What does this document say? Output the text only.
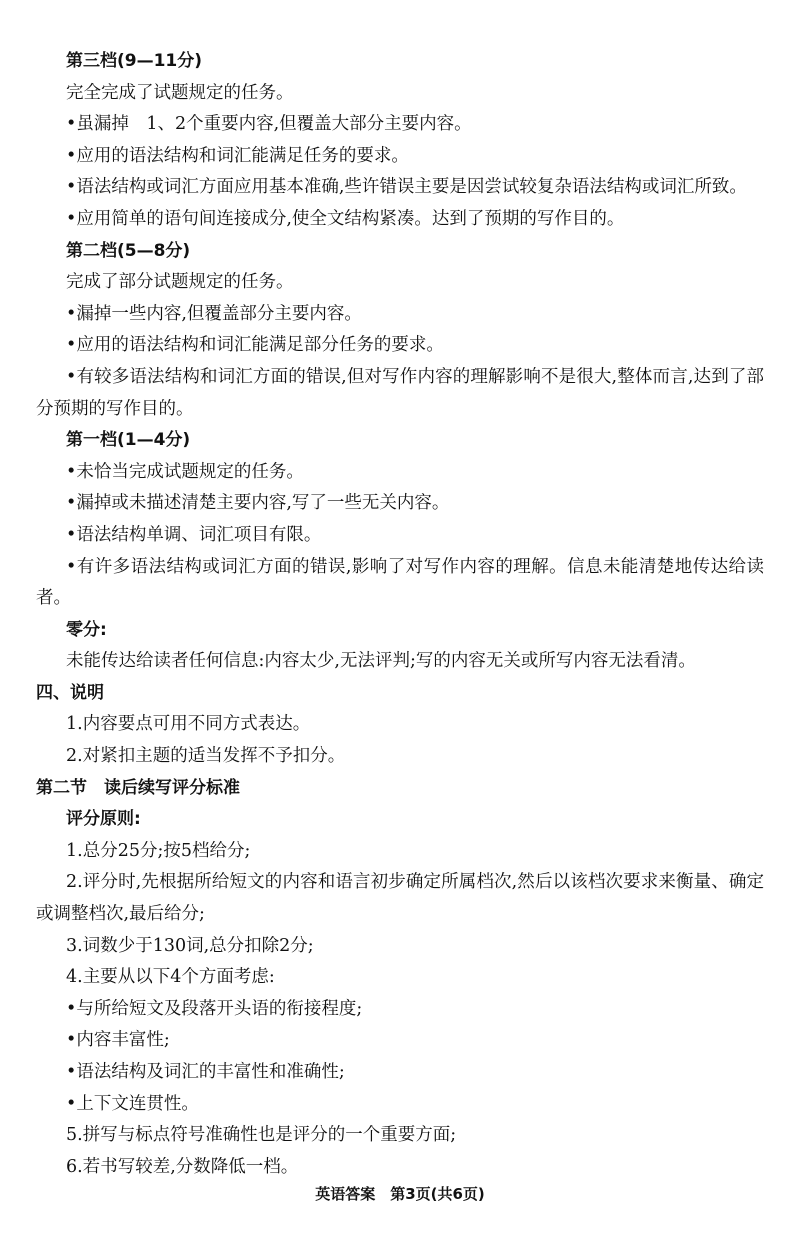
第三档(9—11分)
完全完成了试题规定的任务。
•虽漏掉　1、2个重要内容,但覆盖大部分主要内容。
•应用的语法结构和词汇能满足任务的要求。
•语法结构或词汇方面应用基本准确,些许错误主要是因尝试较复杂语法结构或词汇所致。
•应用简单的语句间连接成分,使全文结构紧凑。达到了预期的写作目的。
第二档(5—8分)
完成了部分试题规定的任务。
•漏掉一些内容,但覆盖部分主要内容。
•应用的语法结构和词汇能满足部分任务的要求。
•有较多语法结构和词汇方面的错误,但对写作内容的理解影响不是很大,整体而言,达到了部分预期的写作目的。
第一档(1—4分)
•未恰当完成试题规定的任务。
•漏掉或未描述清楚主要内容,写了一些无关内容。
•语法结构单调、词汇项目有限。
•有许多语法结构或词汇方面的错误,影响了对写作内容的理解。信息未能清楚地传达给读者。
零分:
未能传达给读者任何信息:内容太少,无法评判;写的内容无关或所写内容无法看清。
四、说明
1.内容要点可用不同方式表达。
2.对紧扣主题的适当发挥不予扣分。
第二节　读后续写评分标准
评分原则:
1.总分25分;按5档给分;
2.评分时,先根据所给短文的内容和语言初步确定所属档次,然后以该档次要求来衡量、确定或调整档次,最后给分;
3.词数少于130词,总分扣除2分;
4.主要从以下4个方面考虑:
•与所给短文及段落开头语的衔接程度;
•内容丰富性;
•语法结构及词汇的丰富性和准确性;
•上下文连贯性。
5.拼写与标点符号准确性也是评分的一个重要方面;
6.若书写较差,分数降低一档。
英语答案　第3页(共6页)
